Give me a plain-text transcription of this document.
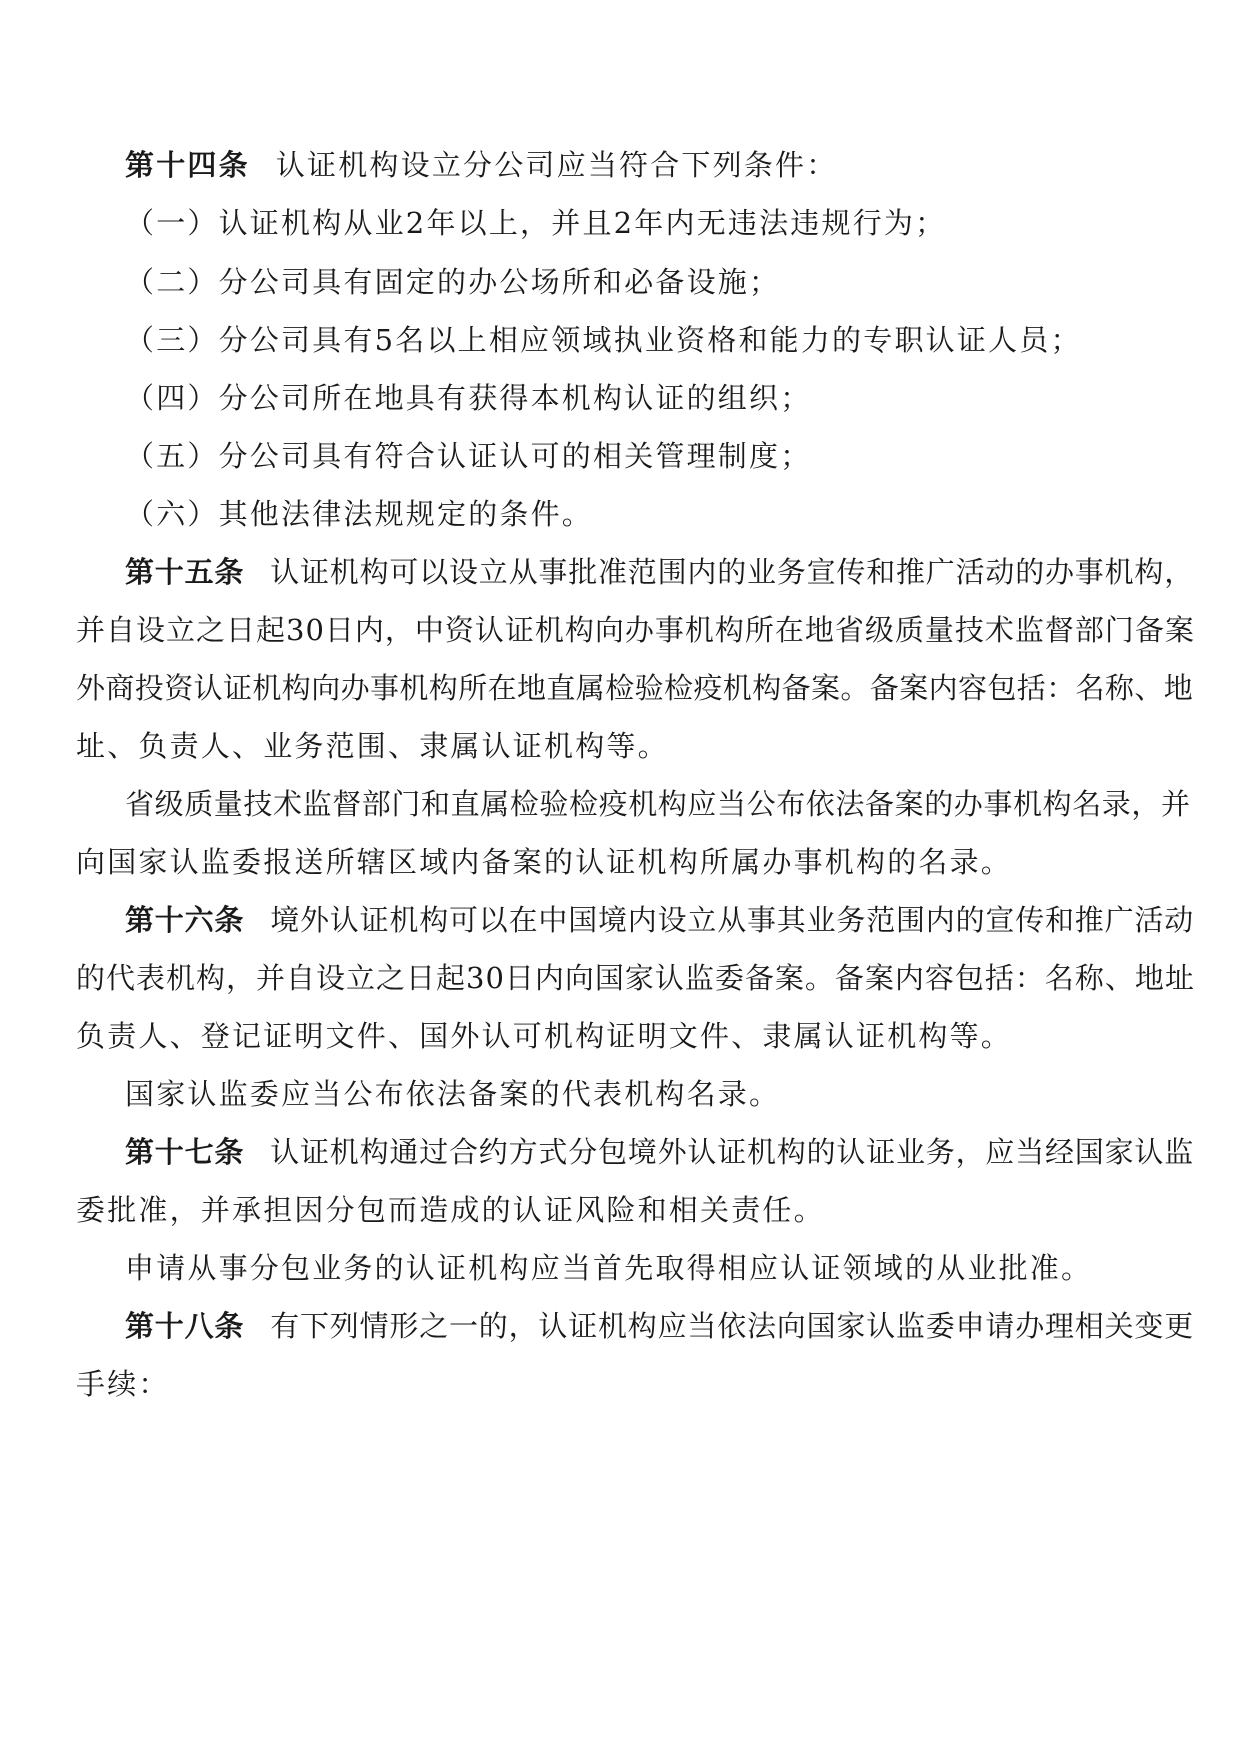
第十四条 认证机构设立分公司应当符合下列条件：
（一）认证机构从业2年以上，并且2年内无违法违规行为；
（二）分公司具有固定的办公场所和必备设施；
（三）分公司具有5名以上相应领域执业资格和能力的专职认证人员；
（四）分公司所在地具有获得本机构认证的组织；
（五）分公司具有符合认证认可的相关管理制度；
（六）其他法律法规规定的条件。
第十五条 认证机构可以设立从事批准范围内的业务宣传和推广活动的办事机构，
并自设立之日起30日内，中资认证机构向办事机构所在地省级质量技术监督部门备案
外商投资认证机构向办事机构所在地直属检验检疫机构备案。备案内容包括：名称、地
址、负责人、业务范围、隶属认证机构等。
省级质量技术监督部门和直属检验检疫机构应当公布依法备案的办事机构名录，并
向国家认监委报送所辖区域内备案的认证机构所属办事机构的名录。
第十六条 境外认证机构可以在中国境内设立从事其业务范围内的宣传和推广活动
的代表机构，并自设立之日起30日内向国家认监委备案。备案内容包括：名称、地址
负责人、登记证明文件、国外认可机构证明文件、隶属认证机构等。
国家认监委应当公布依法备案的代表机构名录。
第十七条 认证机构通过合约方式分包境外认证机构的认证业务，应当经国家认监
委批准，并承担因分包而造成的认证风险和相关责任。
申请从事分包业务的认证机构应当首先取得相应认证领域的从业批准。
第十八条 有下列情形之一的，认证机构应当依法向国家认监委申请办理相关变更
手续：
